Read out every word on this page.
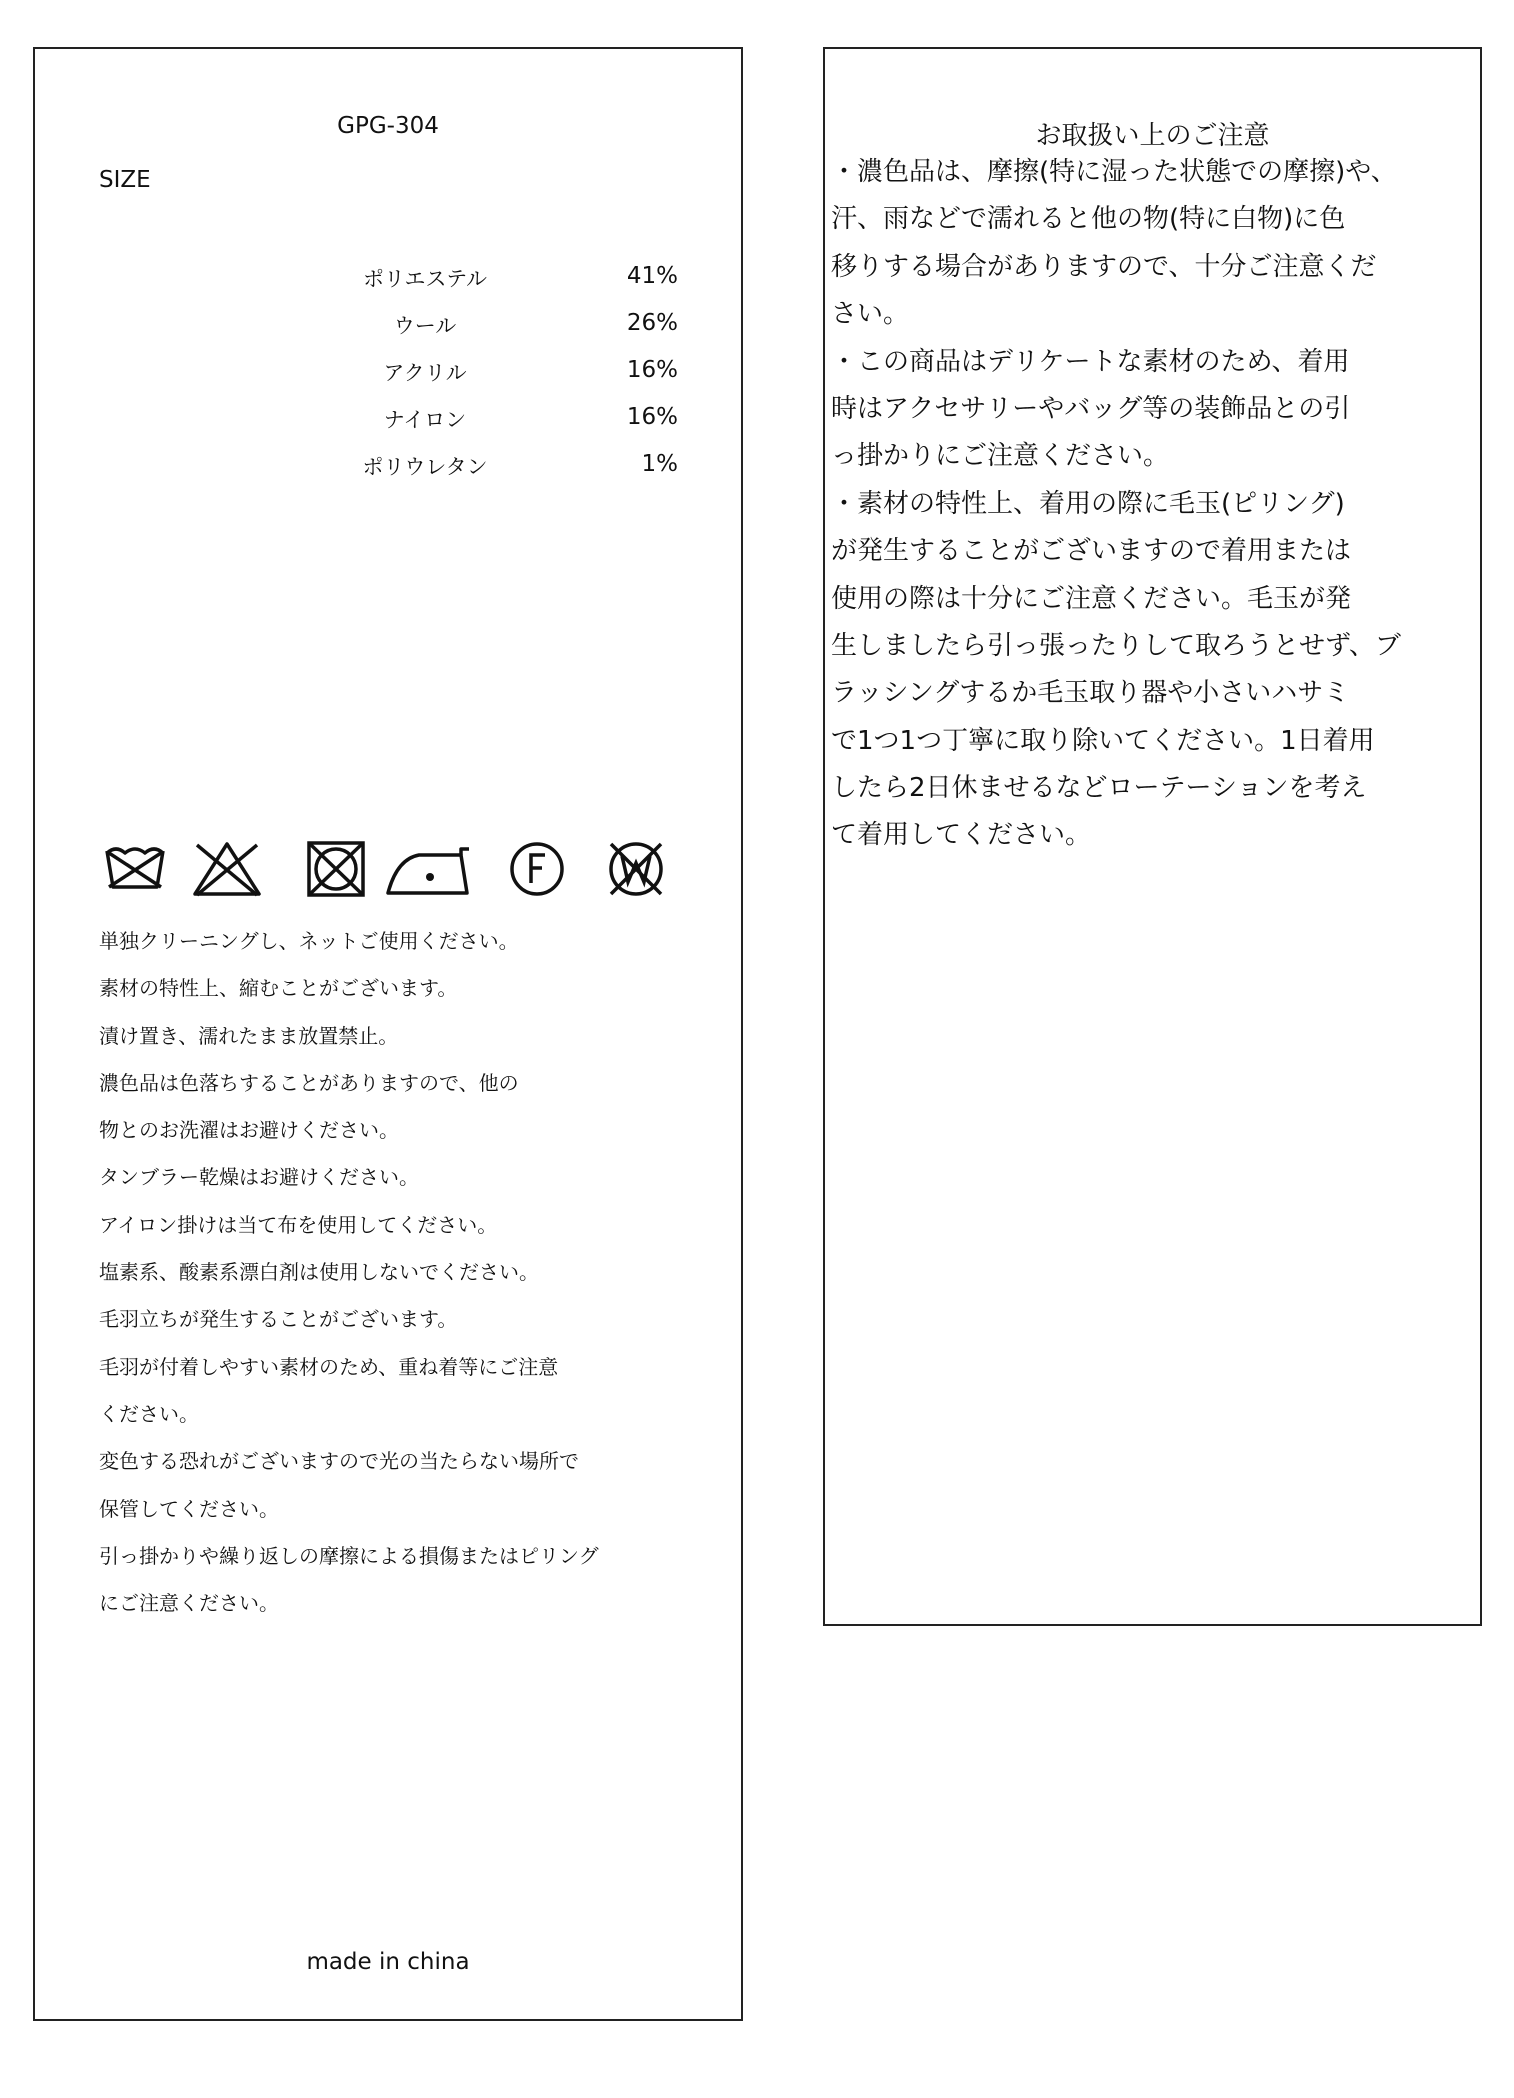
GPG-304
SIZE
ポリエステル	41%
ウール	26%
アクリル	16%
ナイロン	16%
ポリウレタン	1%
単独クリーニングし、ネットご使用ください。
素材の特性上、縮むことがございます。
漬け置き、濡れたまま放置禁止。
濃色品は色落ちすることがありますので、他の
物とのお洗濯はお避けください。
タンブラー乾燥はお避けください。
アイロン掛けは当て布を使用してください。
塩素系、酸素系漂白剤は使用しないでください。
毛羽立ちが発生することがございます。
毛羽が付着しやすい素材のため、重ね着等にご注意
ください。
変色する恐れがございますので光の当たらない場所で
保管してください。
引っ掛かりや繰り返しの摩擦による損傷またはピリング
にご注意ください。
made in china
お取扱い上のご注意
・濃色品は、摩擦(特に湿った状態での摩擦)や、
汗、雨などで濡れると他の物(特に白物)に色
移りする場合がありますので、十分ご注意くだ
さい。
・この商品はデリケートな素材のため、着用
時はアクセサリーやバッグ等の装飾品との引
っ掛かりにご注意ください。
・素材の特性上、着用の際に毛玉(ピリング)
が発生することがございますので着用または
使用の際は十分にご注意ください。毛玉が発
生しましたら引っ張ったりして取ろうとせず、ブ
ラッシングするか毛玉取り器や小さいハサミ
で1つ1つ丁寧に取り除いてください。1日着用
したら2日休ませるなどローテーションを考え
て着用してください。
